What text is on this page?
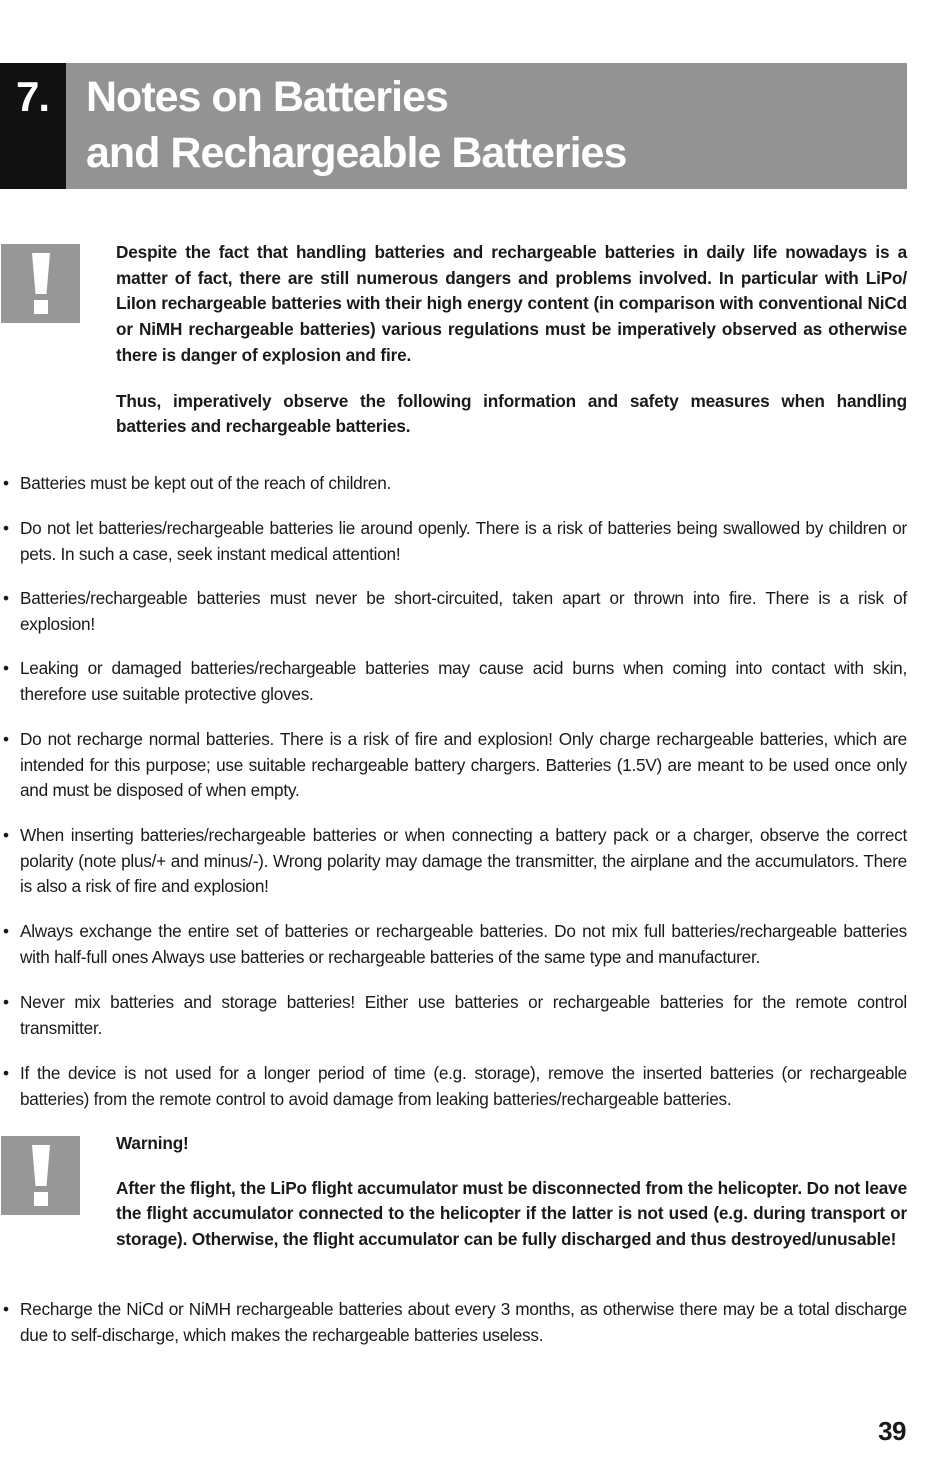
7. Notes on Batteries
and Rechargeable Batteries

Despite the fact that handling batteries and rechargeable batteries in daily life nowadays is a matter of fact, there are still numerous dangers and problems involved. In particular with LiPo/ LiIon rechargeable batteries with their high energy content (in comparison with conventional NiCd or NiMH rechargeable batteries) various regulations must be imperatively observed as otherwise there is danger of explosion and fire.

Thus, imperatively observe the following information and safety measures when handling batteries and rechargeable batteries.

• Batteries must be kept out of the reach of children.
• Do not let batteries/rechargeable batteries lie around openly. There is a risk of batteries being swallowed by children or pets. In such a case, seek instant medical attention!
• Batteries/rechargeable batteries must never be short-circuited, taken apart or thrown into fire. There is a risk of explosion!
• Leaking or damaged batteries/rechargeable batteries may cause acid burns when coming into contact with skin, therefore use suitable protective gloves.
• Do not recharge normal batteries. There is a risk of fire and explosion! Only charge rechargeable batteries, which are intended for this purpose; use suitable rechargeable battery chargers. Batteries (1.5V) are meant to be used once only and must be disposed of when empty.
• When inserting batteries/rechargeable batteries or when connecting a battery pack or a charger, observe the correct polarity (note plus/+ and minus/-). Wrong polarity may damage the transmitter, the airplane and the accumulators. There is also a risk of fire and explosion!
• Always exchange the entire set of batteries or rechargeable batteries. Do not mix full batteries/rechargeable batteries with half-full ones Always use batteries or rechargeable batteries of the same type and manufacturer.
• Never mix batteries and storage batteries! Either use batteries or rechargeable batteries for the remote control transmitter.
• If the device is not used for a longer period of time (e.g. storage), remove the inserted batteries (or rechargeable batteries) from the remote control to avoid damage from leaking batteries/rechargeable batteries.

Warning!

After the flight, the LiPo flight accumulator must be disconnected from the helicopter. Do not leave the flight accumulator connected to the helicopter if the latter is not used (e.g. during transport or storage). Otherwise, the flight accumulator can be fully discharged and thus destroyed/unusable!

• Recharge the NiCd or NiMH rechargeable batteries about every 3 months, as otherwise there may be a total discharge due to self-discharge, which makes the rechargeable batteries useless.
39
